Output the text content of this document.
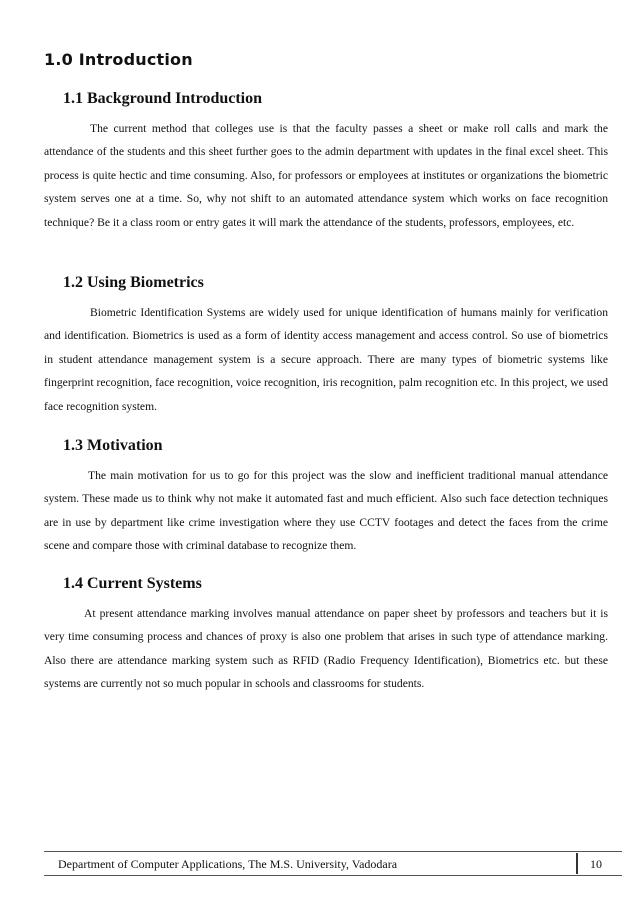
1.0 Introduction
1.1 Background Introduction

The current method that colleges use is that the faculty passes a sheet or make roll calls and mark the attendance of the students and this sheet further goes to the admin department with updates in the final excel sheet. This process is quite hectic and time consuming. Also, for professors or employees at institutes or organizations the biometric system serves one at a time. So, why not shift to an automated attendance system which works on face recognition technique? Be it a class room or entry gates it will mark the attendance of the students, professors, employees, etc.

1.2 Using Biometrics

Biometric Identification Systems are widely used for unique identification of humans mainly for verification and identification. Biometrics is used as a form of identity access management and access control. So use of biometrics in student attendance management system is a secure approach. There are many types of biometric systems like fingerprint recognition, face recognition, voice recognition, iris recognition, palm recognition etc. In this project, we used face recognition system.

1.3 Motivation

The main motivation for us to go for this project was the slow and inefficient traditional manual attendance system. These made us to think why not make it automated fast and much efficient. Also such face detection techniques are in use by department like crime investigation where they use CCTV footages and detect the faces from the crime scene and compare those with criminal database to recognize them.

1.4 Current Systems

At present attendance marking involves manual attendance on paper sheet by professors and teachers but it is very time consuming process and chances of proxy is also one problem that arises in such type of attendance marking. Also there are attendance marking system such as RFID (Radio Frequency Identification), Biometrics etc. but these systems are currently not so much popular in schools and classrooms for students.

Department of Computer Applications, The M.S. University, Vadodara	10
